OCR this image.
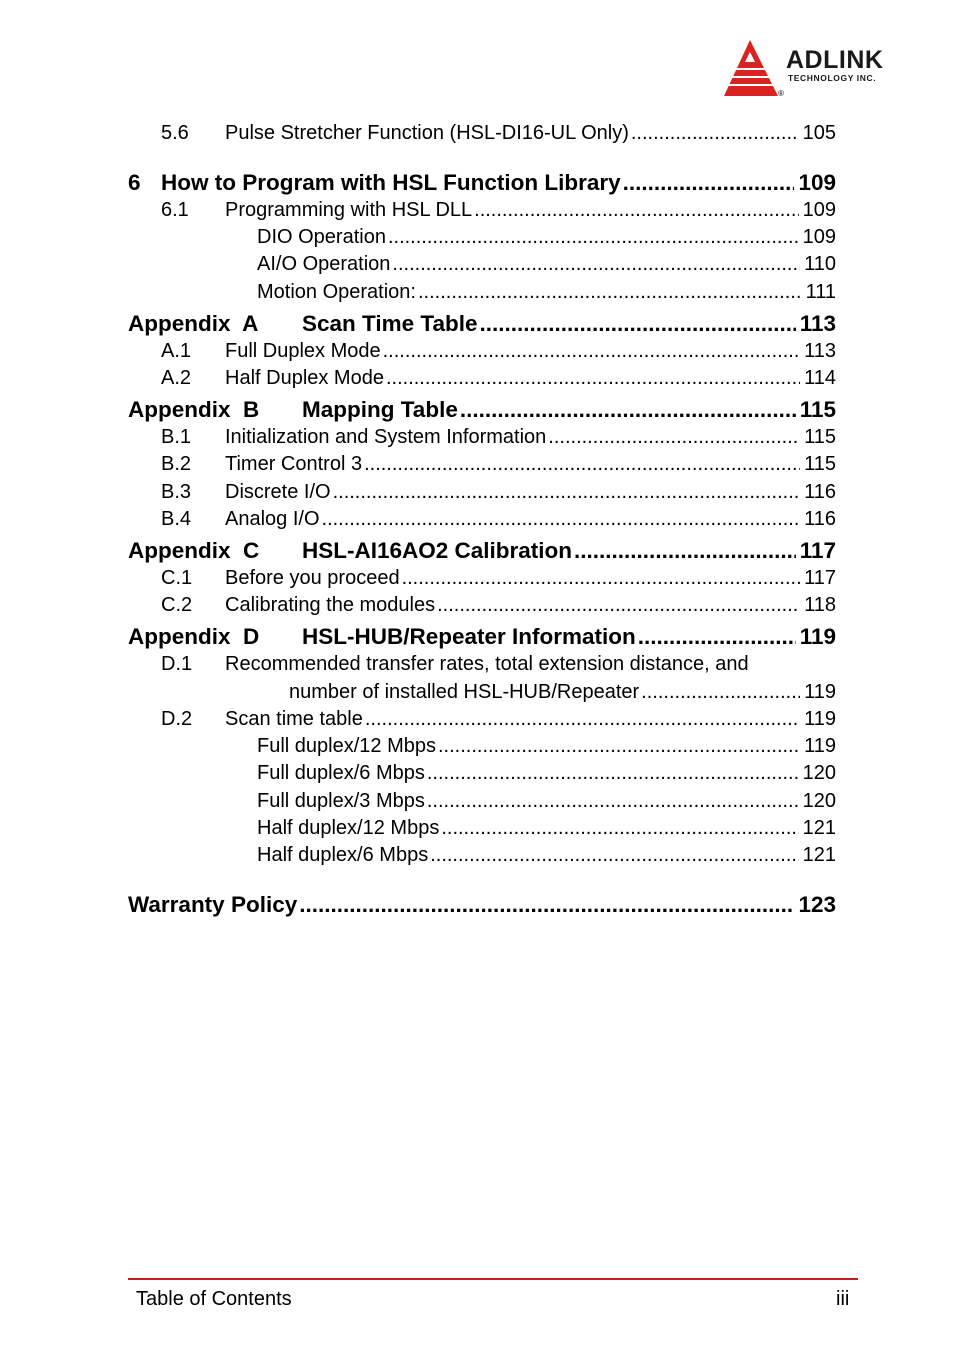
ADLINK
TECHNOLOGY INC.
®
5.6 Pulse Stretcher Function (HSL-DI16-UL Only) .....	105
6 How to Program with HSL Function Library .....	109
6.1 Programming with HSL DLL .....	109
DIO Operation .....	109
AI/O Operation .....	110
Motion Operation: .....	111
Appendix  A Scan Time Table .....	113
A.1 Full Duplex Mode .....	113
A.2 Half Duplex Mode .....	114
Appendix  B Mapping Table .....	115
B.1 Initialization and System Information .....	115
B.2 Timer Control 3 .....	115
B.3 Discrete I/O .....	116
B.4 Analog I/O .....	116
Appendix  C HSL-AI16AO2 Calibration .....	117
C.1 Before you proceed .....	117
C.2 Calibrating the modules .....	118
Appendix  D HSL-HUB/Repeater Information .....	119
D.1 Recommended transfer rates, total extension distance, and
number of installed HSL-HUB/Repeater .....	119
D.2 Scan time table .....	119
Full duplex/12 Mbps .....	119
Full duplex/6 Mbps .....	120
Full duplex/3 Mbps .....	120
Half duplex/12 Mbps .....	121
Half duplex/6 Mbps .....	121
Warranty Policy .....	123
Table of Contents	iii
